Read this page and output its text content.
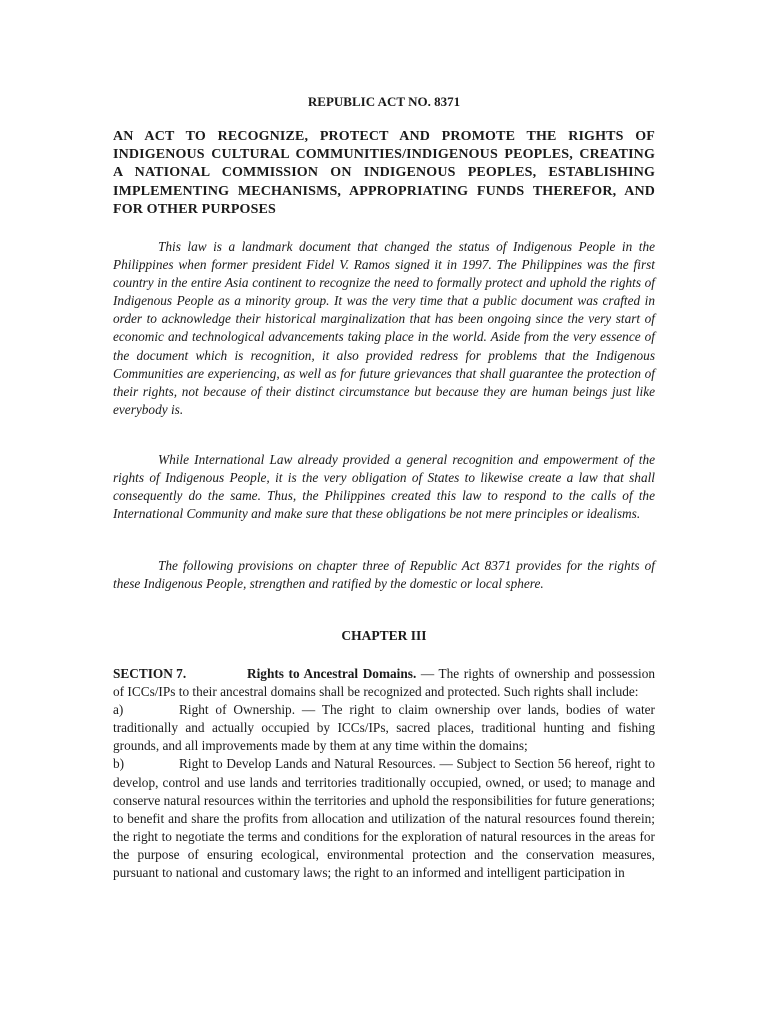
REPUBLIC ACT NO. 8371
AN ACT TO RECOGNIZE, PROTECT AND PROMOTE THE RIGHTS OF INDIGENOUS CULTURAL COMMUNITIES/INDIGENOUS PEOPLES, CREATING A NATIONAL COMMISSION ON INDIGENOUS PEOPLES, ESTABLISHING IMPLEMENTING MECHANISMS, APPROPRIATING FUNDS THEREFOR, AND FOR OTHER PURPOSES

This law is a landmark document that changed the status of Indigenous People in the Philippines when former president Fidel V. Ramos signed it in 1997. The Philippines was the first country in the entire Asia continent to recognize the need to formally protect and uphold the rights of Indigenous People as a minority group. It was the very time that a public document was crafted in order to acknowledge their historical marginalization that has been ongoing since the very start of economic and technological advancements taking place in the world. Aside from the very essence of the document which is recognition, it also provided redress for problems that the Indigenous Communities are experiencing, as well as for future grievances that shall guarantee the protection of their rights, not because of their distinct circumstance but because they are human beings just like everybody is.

While International Law already provided a general recognition and empowerment of the rights of Indigenous People, it is the very obligation of States to likewise create a law that shall consequently do the same. Thus, the Philippines created this law to respond to the calls of the International Community and make sure that these obligations be not mere principles or idealisms.

The following provisions on chapter three of Republic Act 8371 provides for the rights of these Indigenous People, strengthen and ratified by the domestic or local sphere.

CHAPTER III

SECTION 7.	Rights to Ancestral Domains. — The rights of ownership and possession of ICCs/IPs to their ancestral domains shall be recognized and protected. Such rights shall include:

a)	Right of Ownership. — The right to claim ownership over lands, bodies of water traditionally and actually occupied by ICCs/IPs, sacred places, traditional hunting and fishing grounds, and all improvements made by them at any time within the domains;

b)	Right to Develop Lands and Natural Resources. — Subject to Section 56 hereof, right to develop, control and use lands and territories traditionally occupied, owned, or used; to manage and conserve natural resources within the territories and uphold the responsibilities for future generations; to benefit and share the profits from allocation and utilization of the natural resources found therein; the right to negotiate the terms and conditions for the exploration of natural resources in the areas for the purpose of ensuring ecological, environmental protection and the conservation measures, pursuant to national and customary laws; the right to an informed and intelligent participation in
